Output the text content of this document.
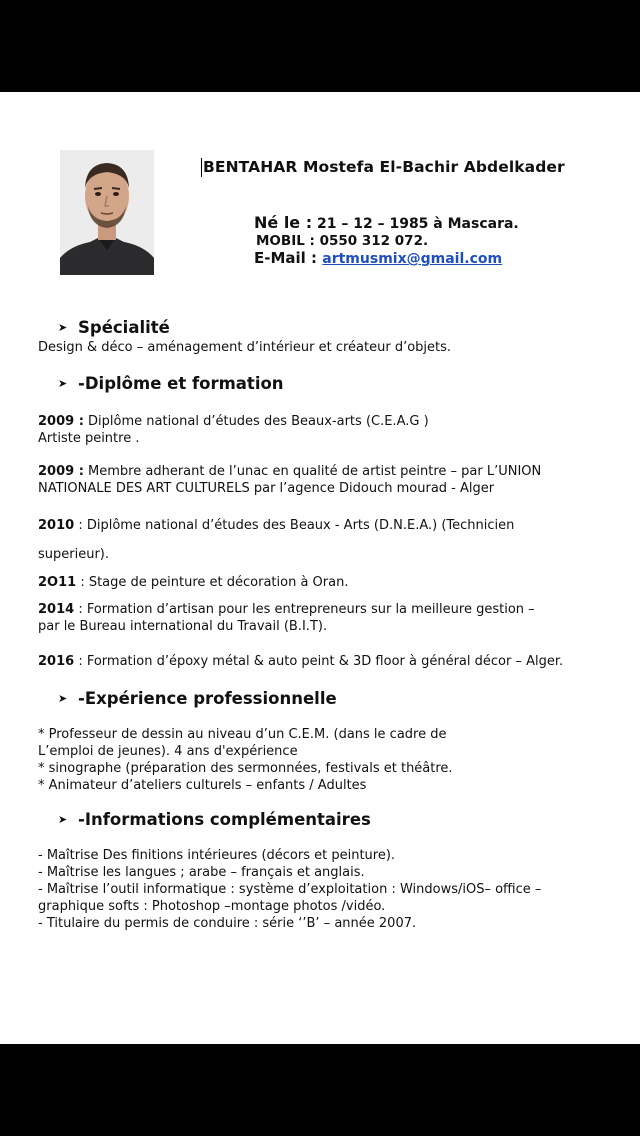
BENTAHAR Mostefa El-Bachir Abdelkader
Né le : 21 – 12 – 1985 à Mascara.
MOBIL : 0550 312 072.
E-Mail : artmusmix@gmail.com
➤ Spécialité
Design & déco – aménagement d’intérieur et créateur d’objets.
➤ -Diplôme et formation
2009 : Diplôme national d’études des Beaux-arts (C.E.A.G )
Artiste peintre .
2009 : Membre adherant de l’unac en qualité de artist peintre – par L’UNION
NATIONALE DES ART CULTURELS par l’agence Didouch mourad - Alger
2010 : Diplôme national d’études des Beaux - Arts (D.N.E.A.) (Technicien
superieur).
2O11 : Stage de peinture et décoration à Oran.
2014 : Formation d’artisan pour les entrepreneurs sur la meilleure gestion –
par le Bureau international du Travail (B.I.T).
2016 : Formation d’époxy métal & auto peint & 3D floor à général décor – Alger.
➤ -Expérience professionnelle
* Professeur de dessin au niveau d’un C.E.M. (dans le cadre de
L’emploi de jeunes). 4 ans d'expérience
* sinographe (préparation des sermonnées, festivals et théâtre.
* Animateur d’ateliers culturels – enfants / Adultes
➤ -Informations complémentaires
- Maîtrise Des finitions intérieures (décors et peinture).
- Maîtrise les langues ; arabe – français et anglais.
- Maîtrise l’outil informatique : système d’exploitation : Windows/iOS– office –
graphique softs : Photoshop –montage photos /vidéo.
- Titulaire du permis de conduire : série ‘’B’ – année 2007.
